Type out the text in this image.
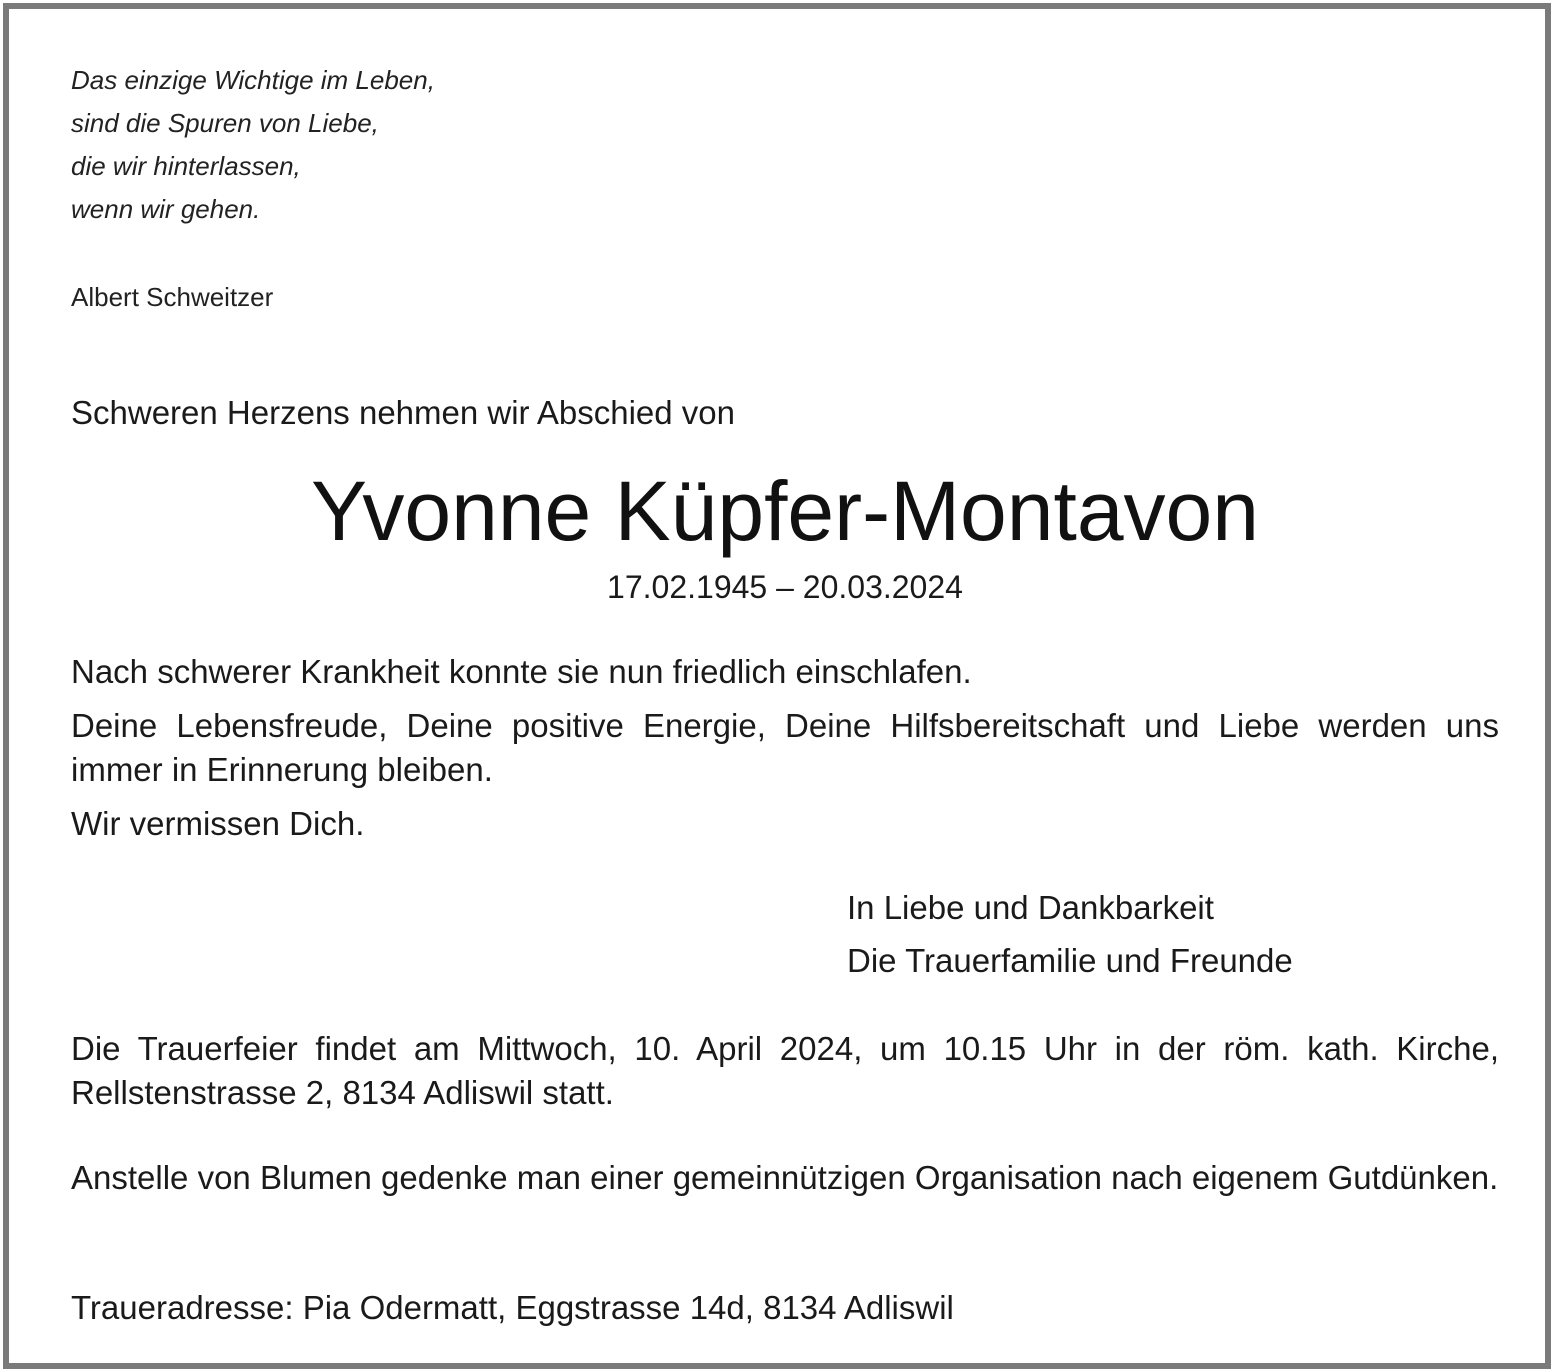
Das einzige Wichtige im Leben,
sind die Spuren von Liebe,
die wir hinterlassen,
wenn wir gehen.
Albert Schweitzer
Schweren Herzens nehmen wir Abschied von
Yvonne Küpfer-Montavon
17.02.1945 – 20.03.2024
Nach schwerer Krankheit konnte sie nun friedlich einschlafen.
Deine Lebensfreude, Deine positive Energie, Deine Hilfsbereitschaft und Liebe werden uns immer in Erinnerung bleiben.
Wir vermissen Dich.
In Liebe und Dankbarkeit
Die Trauerfamilie und Freunde
Die Trauerfeier findet am Mittwoch, 10. April 2024, um 10.15 Uhr in der röm. kath. Kirche, Rellstenstrasse 2, 8134 Adliswil statt.
Anstelle von Blumen gedenke man einer gemeinnützigen Organisation nach eigenem Gutdünken.
Traueradresse: Pia Odermatt, Eggstrasse 14d, 8134 Adliswil
